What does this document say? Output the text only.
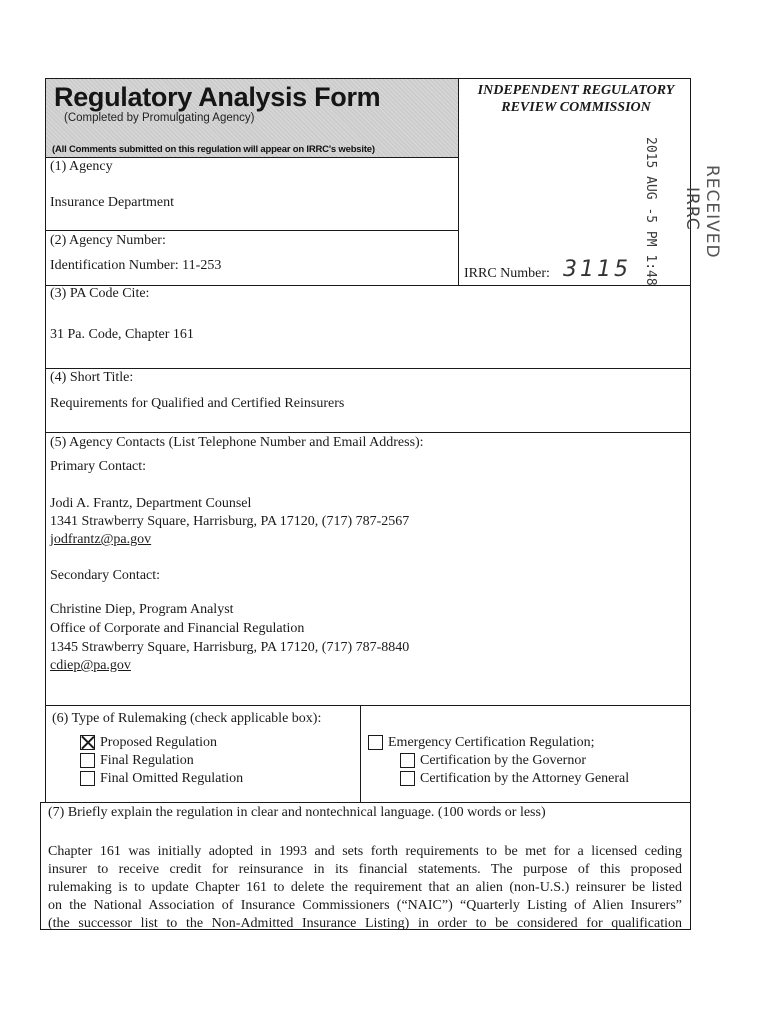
Regulatory Analysis Form
(Completed by Promulgating Agency)
(All Comments submitted on this regulation will appear on IRRC's website)
INDEPENDENT REGULATORY
REVIEW COMMISSION
(1) Agency
Insurance Department
(2) Agency Number:
Identification Number: 11-253
IRRC Number: 3115 2015 AUG -5 PM 1:48	RECEIVED
IRRC
(3) PA Code Cite:
31 Pa. Code, Chapter 161
(4) Short Title:
Requirements for Qualified and Certified Reinsurers
(5) Agency Contacts (List Telephone Number and Email Address):
Primary Contact:
Jodi A. Frantz, Department Counsel
1341 Strawberry Square, Harrisburg, PA 17120, (717) 787-2567
jodfrantz@pa.gov
Secondary Contact:
Christine Diep, Program Analyst
Office of Corporate and Financial Regulation
1345 Strawberry Square, Harrisburg, PA 17120, (717) 787-8840
cdiep@pa.gov
(6) Type of Rulemaking (check applicable box):
Proposed Regulation
Final Regulation
Final Omitted Regulation
Emergency Certification Regulation;
Certification by the Governor
Certification by the Attorney General
(7) Briefly explain the regulation in clear and nontechnical language. (100 words or less)
Chapter 161 was initially adopted in 1993 and sets forth requirements to be met for a licensed ceding
insurer to receive credit for reinsurance in its financial statements. The purpose of this proposed
rulemaking is to update Chapter 161 to delete the requirement that an alien (non-U.S.) reinsurer be listed
on the National Association of Insurance Commissioners (“NAIC”) “Quarterly Listing of Alien Insurers”
(the successor list to the Non-Admitted Insurance Listing) in order to be considered for qualification
